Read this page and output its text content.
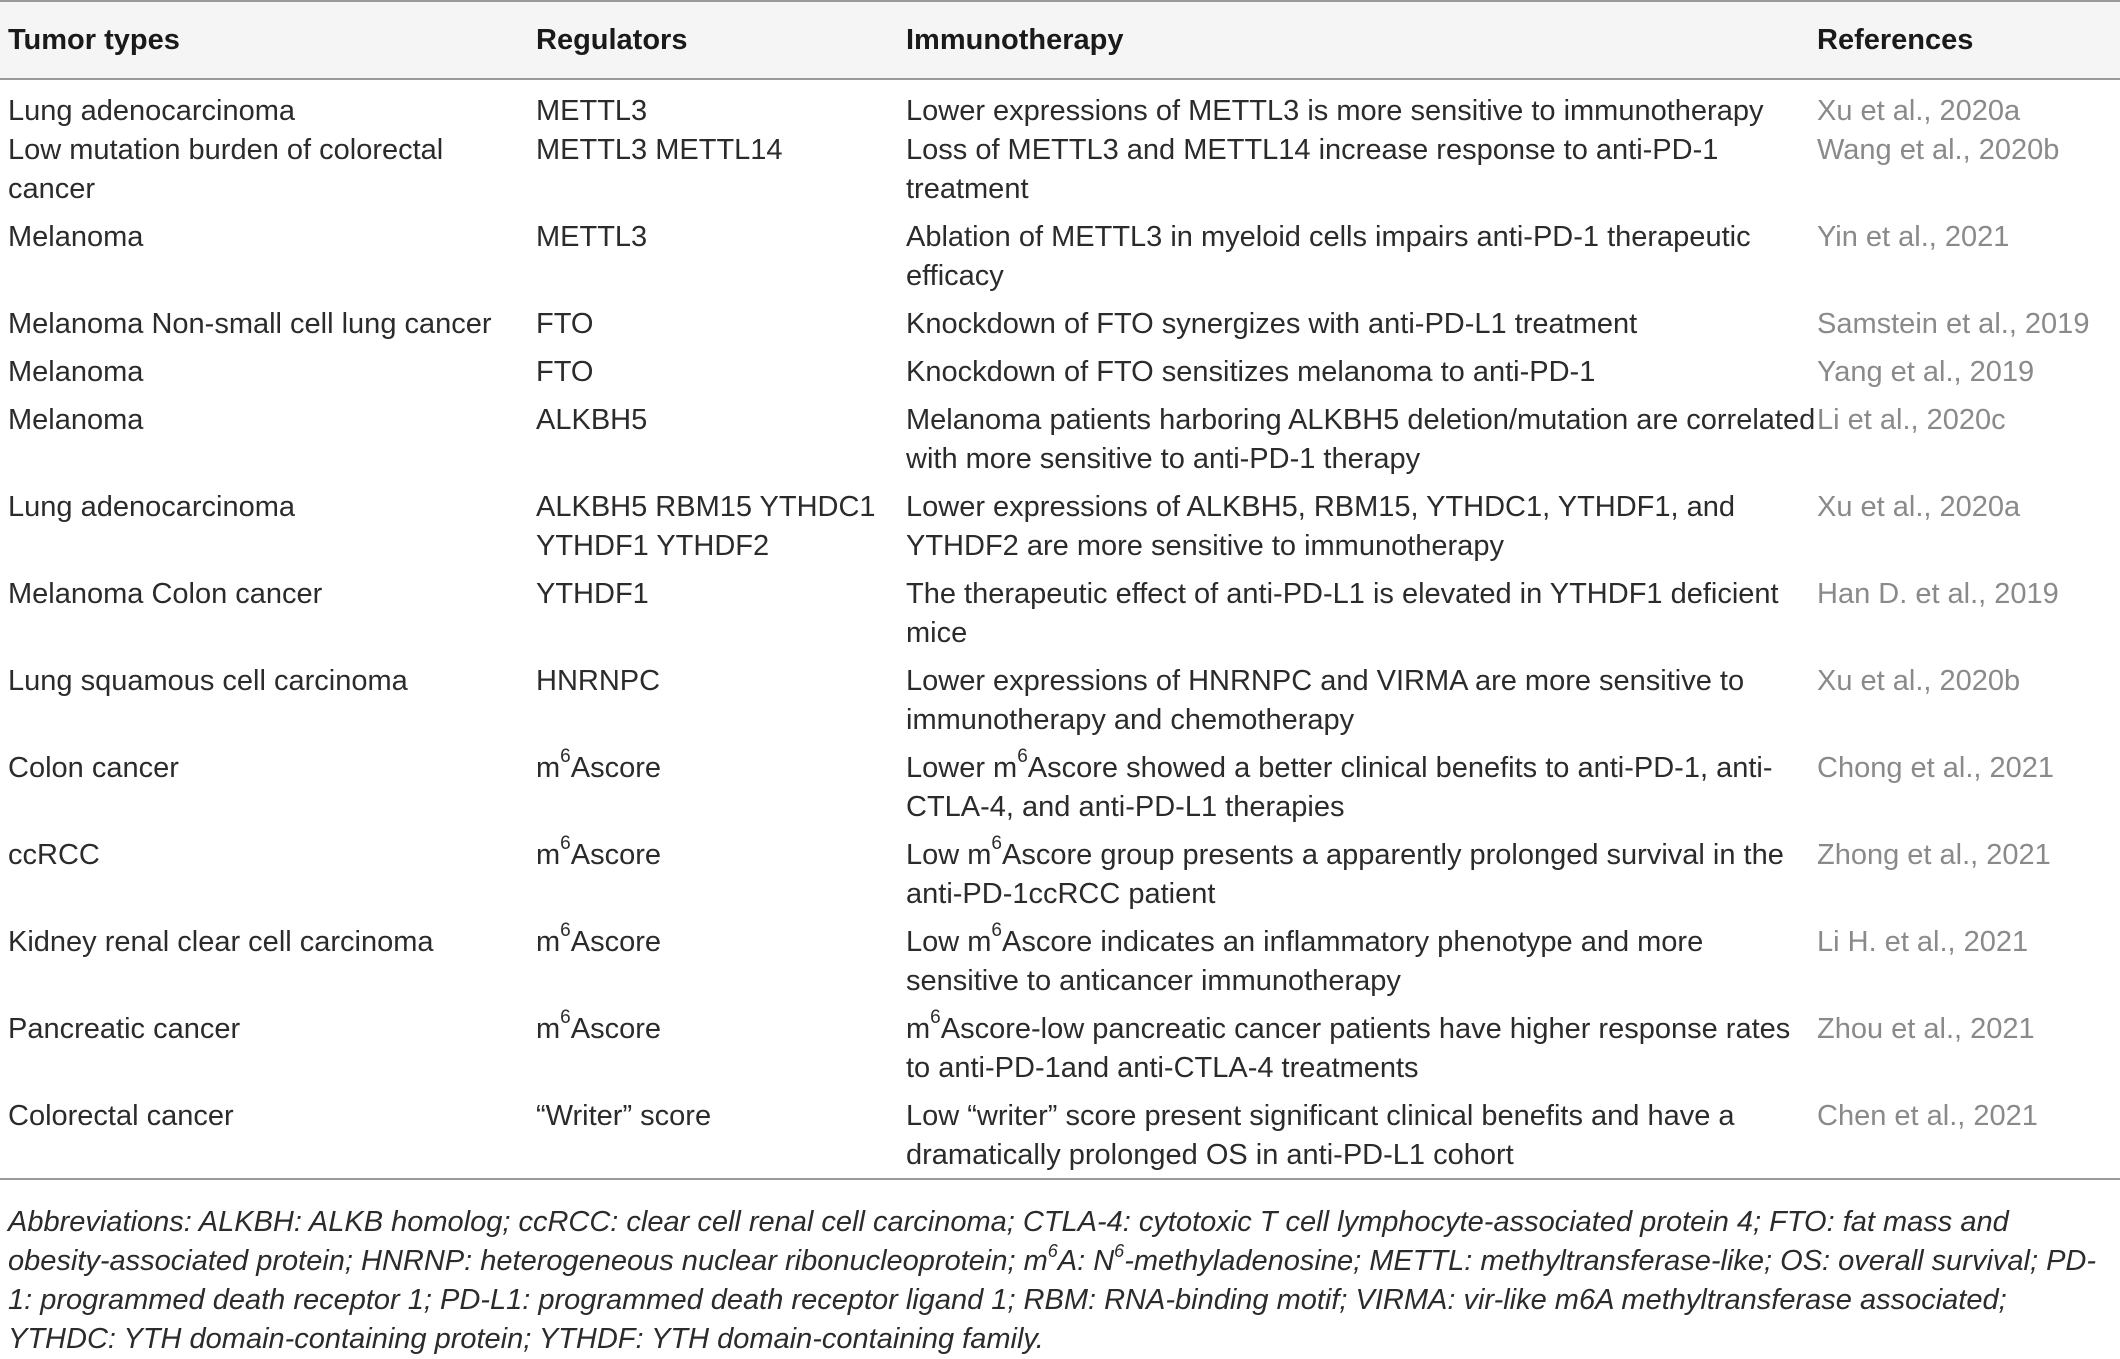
Tumor types	Regulators	Immunotherapy	References
Lung adenocarcinoma	METTL3	Lower expressions of METTL3 is more sensitive to immunotherapy	Xu et al., 2020a
Low mutation burden of colorectal cancer	METTL3 METTL14	Loss of METTL3 and METTL14 increase response to anti-PD-1 treatment	Wang et al., 2020b
Melanoma	METTL3	Ablation of METTL3 in myeloid cells impairs anti-PD-1 therapeutic efficacy	Yin et al., 2021
Melanoma Non-small cell lung cancer	FTO	Knockdown of FTO synergizes with anti-PD-L1 treatment	Samstein et al., 2019
Melanoma	FTO	Knockdown of FTO sensitizes melanoma to anti-PD-1	Yang et al., 2019
Melanoma	ALKBH5	Melanoma patients harboring ALKBH5 deletion/mutation are correlated with more sensitive to anti-PD-1 therapy	Li et al., 2020c
Lung adenocarcinoma	ALKBH5 RBM15 YTHDC1 YTHDF1 YTHDF2	Lower expressions of ALKBH5, RBM15, YTHDC1, YTHDF1, and YTHDF2 are more sensitive to immunotherapy	Xu et al., 2020a
Melanoma Colon cancer	YTHDF1	The therapeutic effect of anti-PD-L1 is elevated in YTHDF1 deficient mice	Han D. et al., 2019
Lung squamous cell carcinoma	HNRNPC	Lower expressions of HNRNPC and VIRMA are more sensitive to immunotherapy and chemotherapy	Xu et al., 2020b
Colon cancer	$m^6Ascore$	Lower $m^6Ascore$ showed a better clinical benefits to anti-PD-1, anti-CTLA-4, and anti-PD-L1 therapies	Chong et al., 2021
ccRCC	$m^6Ascore$	Low $m^6Ascore$ group presents a apparently prolonged survival in the anti-PD-1ccRCC patient	Zhong et al., 2021
Kidney renal clear cell carcinoma	$m^6Ascore$	Low $m^6Ascore$ indicates an inflammatory phenotype and more sensitive to anticancer immunotherapy	Li H. et al., 2021
Pancreatic cancer	$m^6Ascore$	$m^6Ascore$-low pancreatic cancer patients have higher response rates to anti-PD-1and anti-CTLA-4 treatments	Zhou et al., 2021
Colorectal cancer	“Writer” score	Low “writer” score present significant clinical benefits and have a dramatically prolonged OS in anti-PD-L1 cohort	Chen et al., 2021
Abbreviations: ALKBH: ALKB homolog; ccRCC: clear cell renal cell carcinoma; CTLA-4: cytotoxic T cell lymphocyte-associated protein 4; FTO: fat mass and obesity-associated protein; HNRNP: heterogeneous nuclear ribonucleoprotein; $m^6A$: $N^6$-methyladenosine; METTL: methyltransferase-like; OS: overall survival; PD-1: programmed death receptor 1; PD-L1: programmed death receptor ligand 1; RBM: RNA-binding motif; VIRMA: vir-like m6A methyltransferase associated; YTHDC: YTH domain-containing protein; YTHDF: YTH domain-containing family.
